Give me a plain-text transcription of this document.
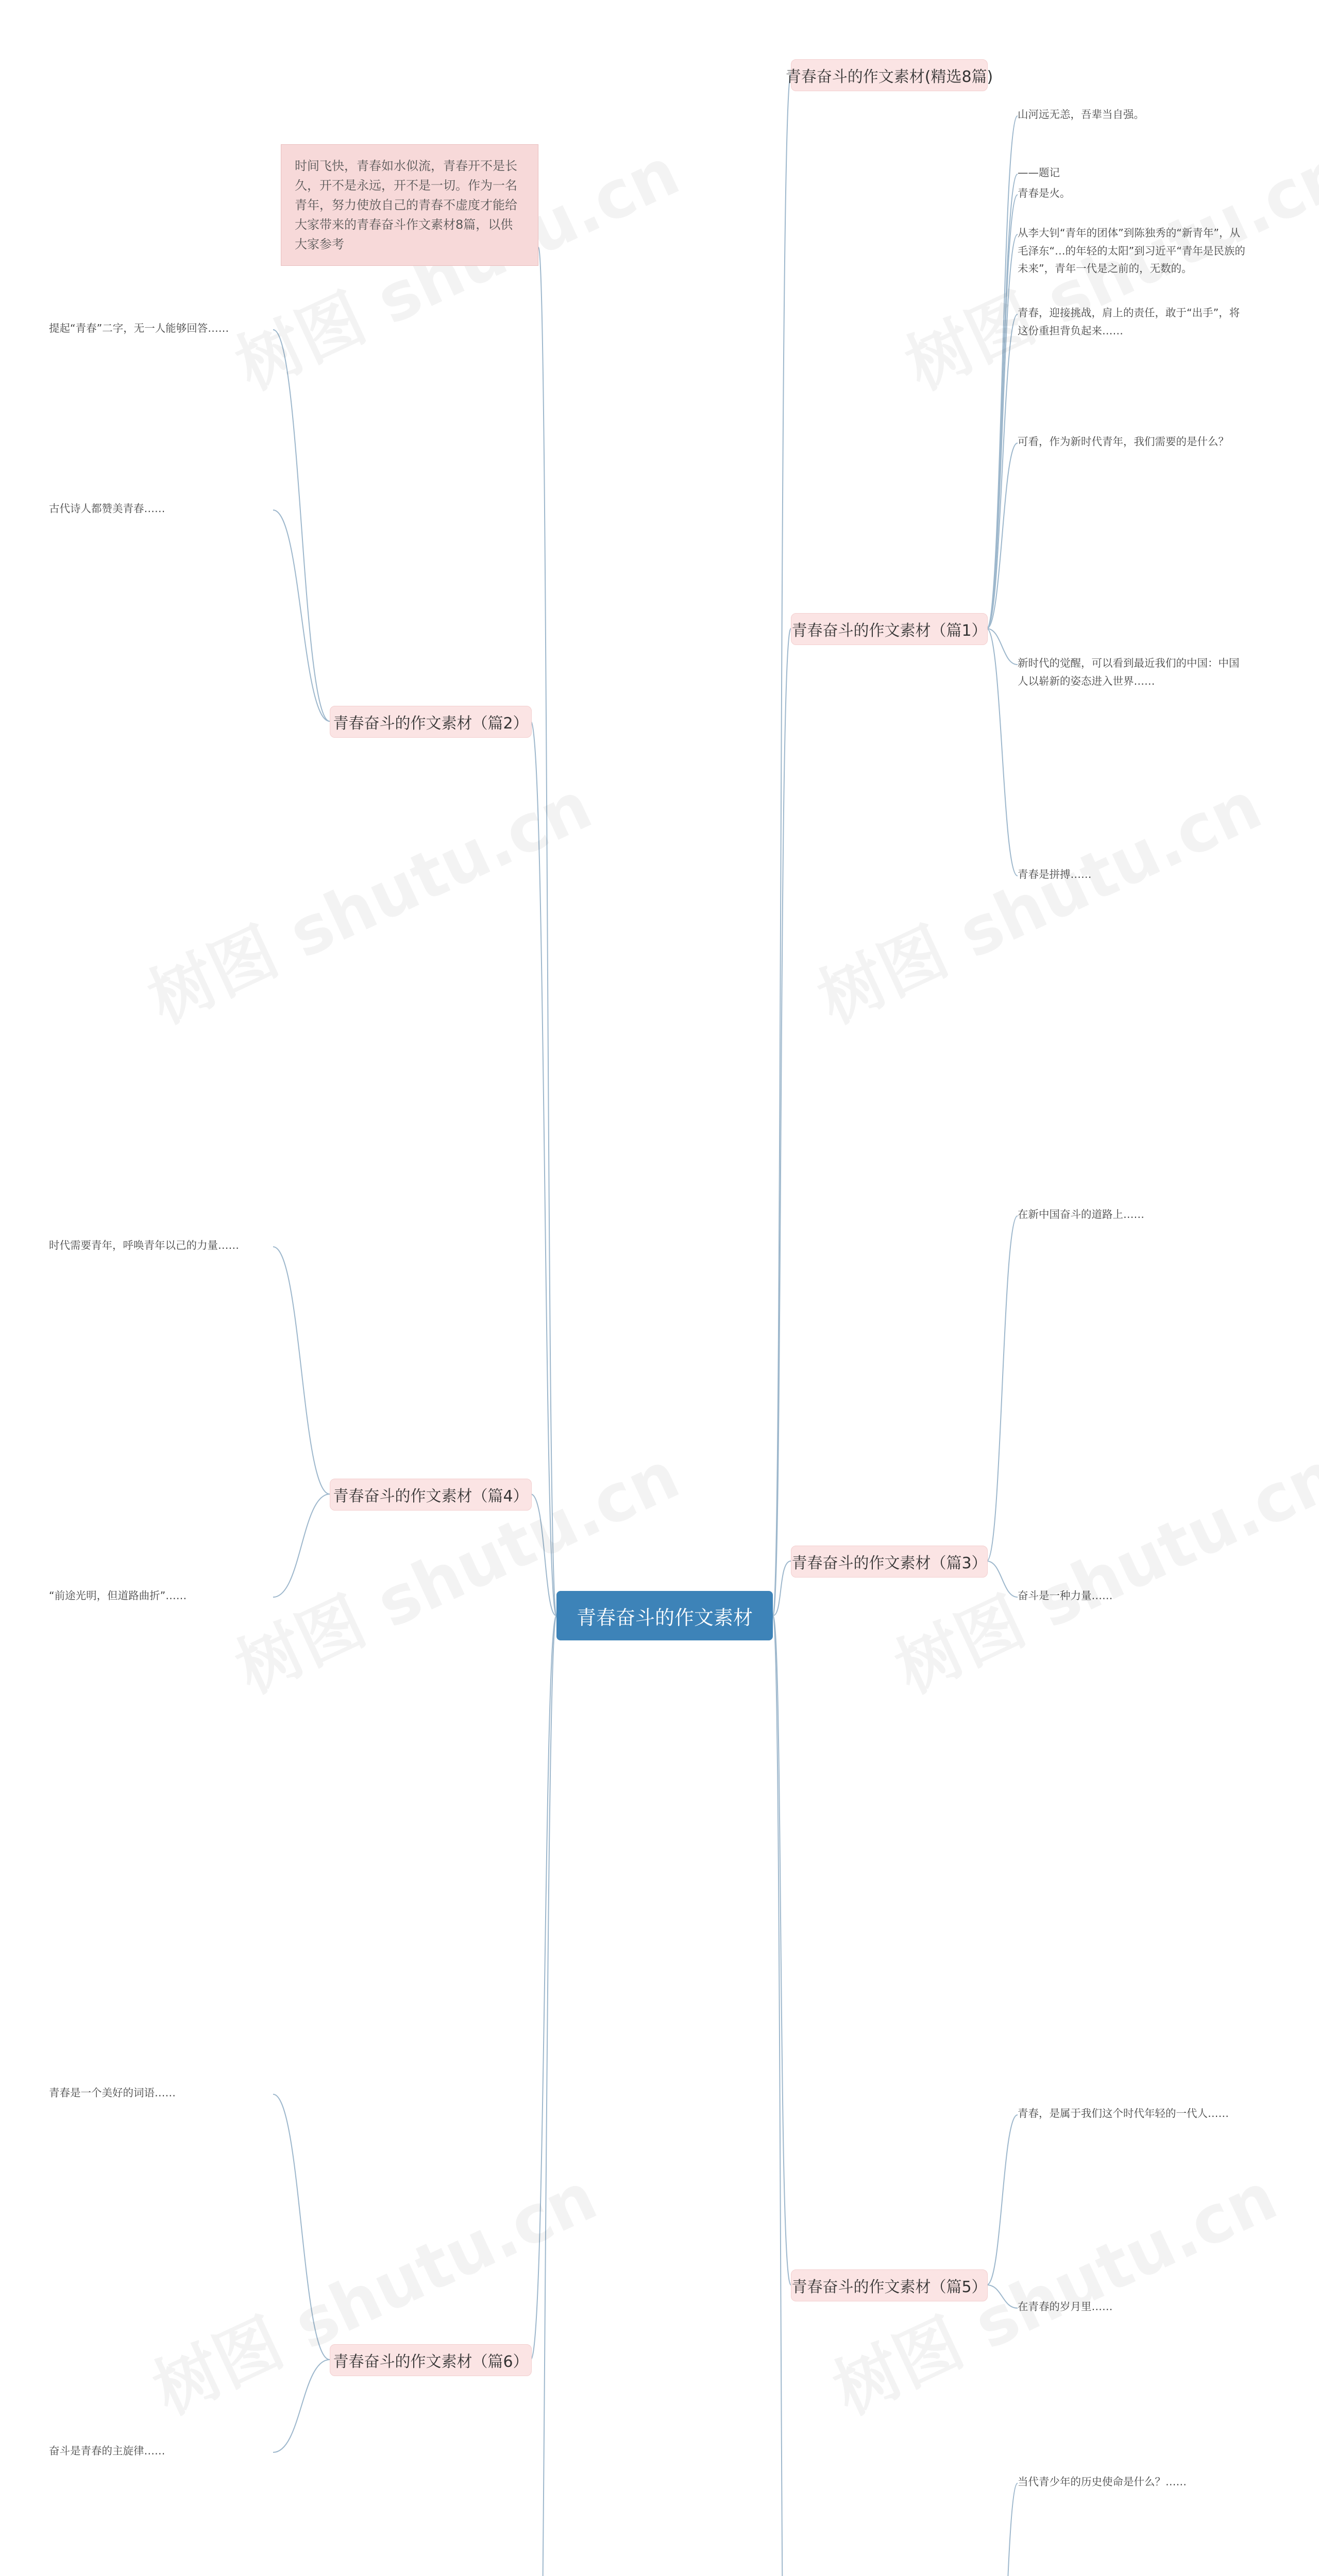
青春奋斗的作文素材
时间飞快，青春如水似流，青春开不是长久，开不是永远，开不是一切。作为一名青年，努力使放自己的青春不虚度才能给大家带来的青春奋斗作文素材8篇，以供大家参考
青春奋斗的作文素材(精选8篇)
青春奋斗的作文素材（篇1）
山河远无恙，吾辈当自强。
——题记
青春是火。
从李大钊“青年的团体”到陈独秀的“新青年”，从毛泽东“…的年轻的太阳”到习近平“青年是民族的未来”，青年一代是之前的，无数的。
青春，迎接挑战，肩上的责任，敢于“出手”，将这份重担背负起来……
可看，作为新时代青年，我们需要的是什么？
新时代的觉醒，可以看到最近我们的中国：中国人以崭新的姿态进入世界……
青春是拼搏……
青春奋斗的作文素材（篇3）
在新中国奋斗的道路上……
奋斗是一种力量……
青春奋斗的作文素材（篇5）
青春，是属于我们这个时代年轻的一代人……
在青春的岁月里……
当代青少年的历史使命是什么？……
青春奋斗的作文素材（篇2）
提起“青春”二字，无一人能够回答……
古代诗人都赞美青春……
青春奋斗的作文素材（篇4）
时代需要青年，呼唤青年以己的力量……
“前途光明，但道路曲折”……
青春奋斗的作文素材（篇6）
青春是一个美好的词语……
奋斗是青春的主旋律……
